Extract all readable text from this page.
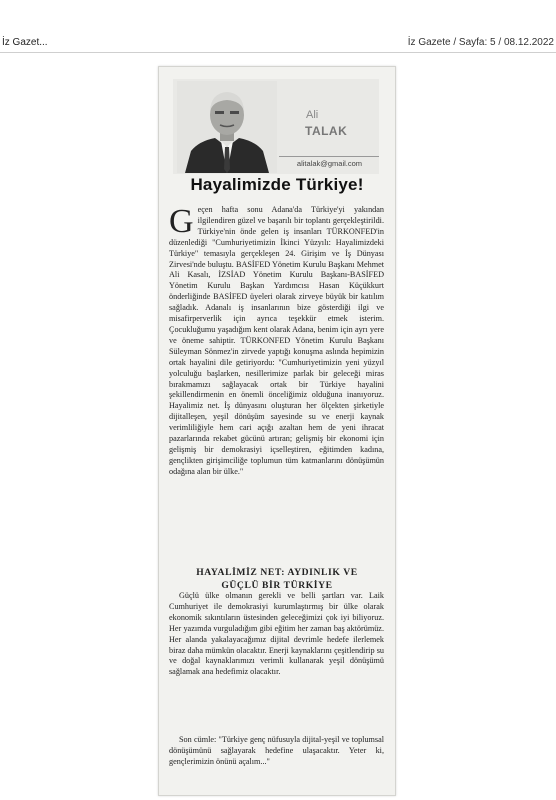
İz Gazet...	İz Gazete / Sayfa: 5 / 08.12.2022
Ali
TALAK
alitalak@gmail.com
Hayalimizde Türkiye!
G eçen hafta sonu Adana'da Türkiye'yi yakından ilgilendiren güzel ve başarılı bir toplantı gerçekleştirildi. Türkiye'nin önde gelen iş insanları TÜRKONFED'in düzenlediği "Cumhuriyetimizin İkinci Yüzyılı: Hayalimizdeki Türkiye" temasıyla gerçekleşen 24. Girişim ve İş Dünyası Zirvesi'nde buluştu. BASİFED Yönetim Kurulu Başkanı Mehmet Ali Kasalı, İZSİAD Yönetim Kurulu Başkanı-BASİFED Yönetim Kurulu Başkan Yardımcısı Hasan Küçükkurt önderliğinde BASİFED üyeleri olarak zirveye büyük bir katılım sağladık. Adanalı iş insanlarının bize gösterdiği ilgi ve misafirperverlik için ayrıca teşekkür etmek isterim. Çocukluğumu yaşadığım kent olarak Adana, benim için ayrı yere ve öneme sahiptir. TÜRKONFED Yönetim Kurulu Başkanı Süleyman Sönmez'in zirvede yaptığı konuşma aslında hepimizin ortak hayalini dile getiriyordu: "Cumhuriyetimizin yeni yüzyıl yolculuğu başlarken, nesillerimize parlak bir geleceği miras bırakmamızı sağlayacak ortak bir Türkiye hayalini şekillendirmenin en önemli önceliğimiz olduğuna inanıyoruz. Hayalimiz net. İş dünyasını oluşturan her ölçekten şirketiyle dijitalleşen, yeşil dönüşüm sayesinde su ve enerji kaynak verimliliğiyle hem cari açığı azaltan hem de yeni ihracat pazarlarında rekabet gücünü artıran; gelişmiş bir ekonomi için gelişmiş bir demokrasiyi içselleştiren, eğitimden kadına, gençlikten girişimciliğe toplumun tüm katmanlarını dönüşümün odağına alan bir ülke."

HAYALİMİZ NET: AYDINLIK VE
GÜÇLÜ BİR TÜRKİYE

Güçlü ülke olmanın gerekli ve belli şartları var. Laik Cumhuriyet ile demokrasiyi kurumlaştırmış bir ülke olarak ekonomik sıkıntıların üstesinden geleceğimizi çok iyi biliyoruz. Her yazımda vurguladığım gibi eğitim her zaman baş aktörümüz. Her alanda yakalayacağımız dijital devrimle hedefe ilerlemek biraz daha mümkün olacaktır. Enerji kaynaklarını çeşitlendirip su ve doğal kaynaklarımızı verimli kullanarak yeşil dönüşümü sağlamak ana hedefimiz olacaktır.

Son cümle: "Türkiye genç nüfusuyla dijital-yeşil ve toplumsal dönüşümünü sağlayarak hedefine ulaşacaktır. Yeter ki, gençlerimizin önünü açalım..."
